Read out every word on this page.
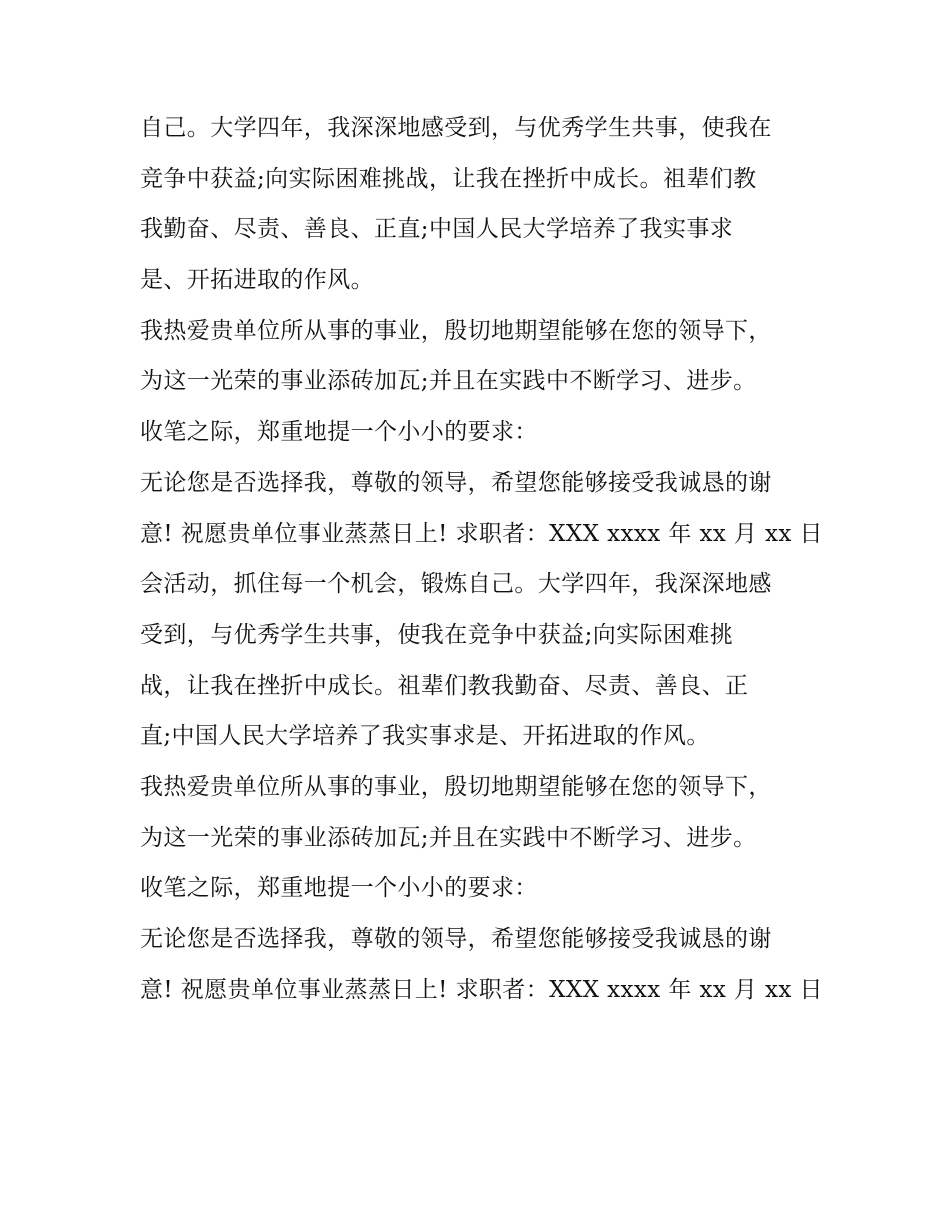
自己。大学四年，我深深地感受到，与优秀学生共事，使我在
竞争中获益;向实际困难挑战，让我在挫折中成长。祖辈们教
我勤奋、尽责、善良、正直;中国人民大学培养了我实事求
是、开拓进取的作风。
我热爱贵单位所从事的事业，殷切地期望能够在您的领导下，
为这一光荣的事业添砖加瓦;并且在实践中不断学习、进步。
收笔之际，郑重地提一个小小的要求：
无论您是否选择我，尊敬的领导，希望您能够接受我诚恳的谢
意! 祝愿贵单位事业蒸蒸日上! 求职者：XXX xxxx 年 xx 月 xx 日
会活动，抓住每一个机会，锻炼自己。大学四年，我深深地感
受到，与优秀学生共事，使我在竞争中获益;向实际困难挑
战，让我在挫折中成长。祖辈们教我勤奋、尽责、善良、正
直;中国人民大学培养了我实事求是、开拓进取的作风。
我热爱贵单位所从事的事业，殷切地期望能够在您的领导下，
为这一光荣的事业添砖加瓦;并且在实践中不断学习、进步。
收笔之际，郑重地提一个小小的要求：
无论您是否选择我，尊敬的领导，希望您能够接受我诚恳的谢
意! 祝愿贵单位事业蒸蒸日上! 求职者：XXX xxxx 年 xx 月 xx 日
